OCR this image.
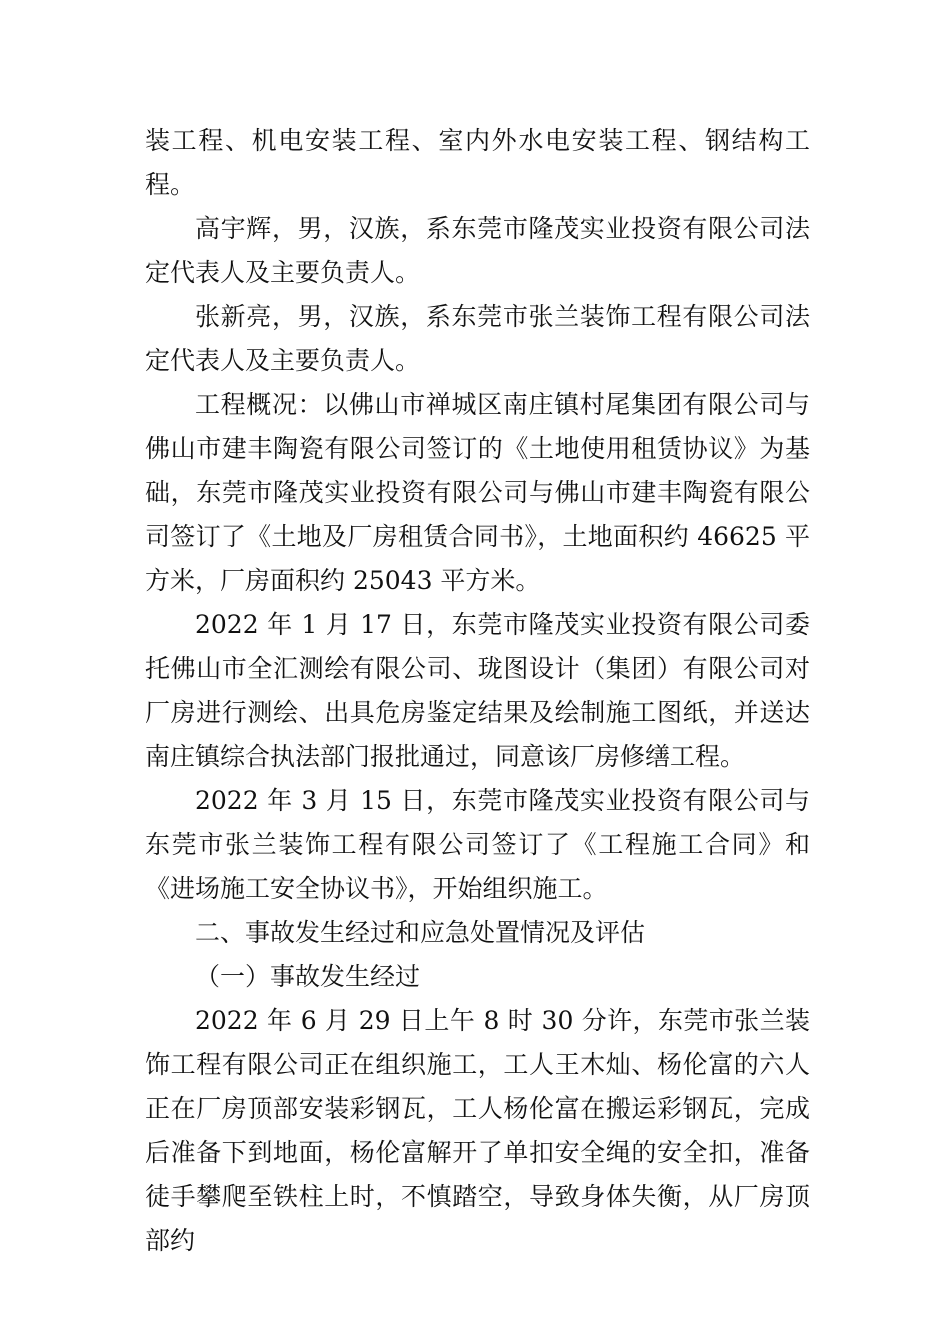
装工程、机电安装工程、室内外水电安装工程、钢结构工程。

高宇辉，男，汉族，系东莞市隆茂实业投资有限公司法定代表人及主要负责人。

张新亮，男，汉族，系东莞市张兰装饰工程有限公司法定代表人及主要负责人。

工程概况：以佛山市禅城区南庄镇村尾集团有限公司与佛山市建丰陶瓷有限公司签订的《土地使用租赁协议》为基础，东莞市隆茂实业投资有限公司与佛山市建丰陶瓷有限公司签订了《土地及厂房租赁合同书》，土地面积约 46625 平方米，厂房面积约 25043 平方米。

2022 年 1 月 17 日，东莞市隆茂实业投资有限公司委托佛山市全汇测绘有限公司、珑图设计（集团）有限公司对厂房进行测绘、出具危房鉴定结果及绘制施工图纸，并送达南庄镇综合执法部门报批通过，同意该厂房修缮工程。

2022 年 3 月 15 日，东莞市隆茂实业投资有限公司与东莞市张兰装饰工程有限公司签订了《工程施工合同》和《进场施工安全协议书》，开始组织施工。

二、事故发生经过和应急处置情况及评估

（一）事故发生经过

2022 年 6 月 29 日上午 8 时 30 分许，东莞市张兰装饰工程有限公司正在组织施工，工人王木灿、杨伦富的六人正在厂房顶部安装彩钢瓦，工人杨伦富在搬运彩钢瓦，完成后准备下到地面，杨伦富解开了单扣安全绳的安全扣，准备徒手攀爬至铁柱上时，不慎踏空，导致身体失衡，从厂房顶部约
